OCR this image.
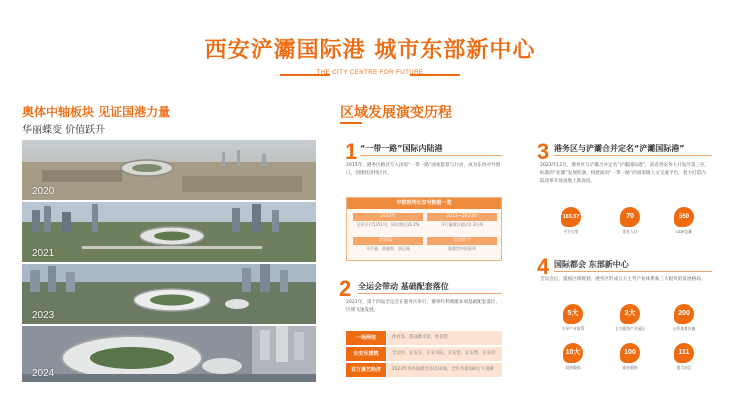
西安浐灞国际港 城市东部新中心
THE CITY CENTRE FOR FUTURE
奥体中轴板块 见证国港力量
华丽蝶变 价值跃升
2020
2021
2023
2024
区域发展演变历程
1 “一带一路”国际内陆港
2015年，港务区路径写入国家“一带一路”国家愿景与行动，成为东西对外窗口，创建经济特区区。
中欧班列长安号数据一览
2023年
全年开行5351列，同比增长16.2%
2013~2023年
开行量累计超过2.3万列
全国第一
开行量、重箱率、货运量
全国首个
陆港型中欧班列
2 全运会带动 基础配套落位
2021年，第十四届全运会在港务区举行，赛事红利刺激多项基础配套落位，区域飞速发展。
一场两馆	体育场、游泳跳水馆、体育馆
长安乐建筑	全运村、长安乐、长安书院、长安馆、长安塔、长安府
百万溪艺经济	2023年举办演唱会多达10场，全年共接180万人观赛
3 港务区与浐灞合并定名“浐灞国际港”
2023年12月，港务区与浐灞合并定名“浐灞国际港”，获省西安各大开发区第三位，标准的“北翼”发展机遇，构建面向“一带一路”的国家级人文交流平台，着力打造内陆改革开放高地上新高度。
183.57
平方公里
70
常住人口
550
GDP总量
4 国际都会 东部新中心
全运会后，提振区域规划，港务区形成五大主导产业体系和三大板块的发展格局。
5大
主导产业体系
3大
主力板块产业园区
200
公共体育设施
10大
双创载体
100
商业载体
111
重大项目
